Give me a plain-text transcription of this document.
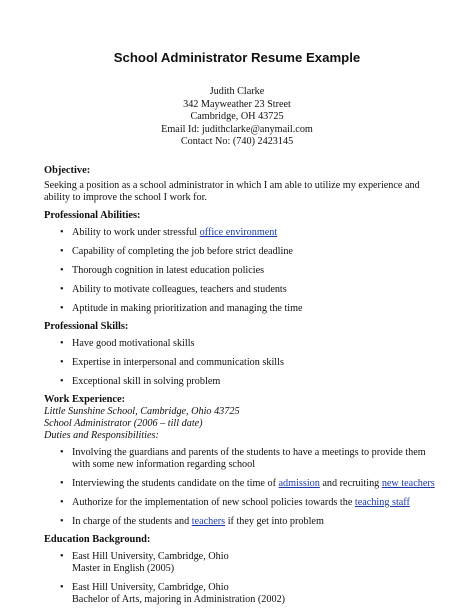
School Administrator Resume Example
Judith Clarke
342 Mayweather 23 Street
Cambridge, OH 43725
Email Id: judithclarke@anymail.com
Contact No: (740) 2423145
Objective:

Seeking a position as a school administrator in which I am able to utilize my experience and ability to improve the school I work for.

Professional Abilities:
• Ability to work under stressful office environment
• Capability of completing the job before strict deadline
• Thorough cognition in latest education policies
• Ability to motivate colleagues, teachers and students
• Aptitude in making prioritization and managing the time
Professional Skills:
• Have good motivational skills
• Expertise in interpersonal and communication skills
• Exceptional skill in solving problem
Work Experience:

Little Sunshine School, Cambridge, Ohio 43725

School Administrator (2006 – till date)

Duties and Responsibilities:

• Involving the guardians and parents of the students to have a meetings to provide them with some new information regarding school
• Interviewing the students candidate on the time of admission and recruiting new teachers
• Authorize for the implementation of new school policies towards the teaching staff
• In charge of the students and teachers if they get into problem
Education Background:
• East Hill University, Cambridge, Ohio
Master in English (2005)
• East Hill University, Cambridge, Ohio
Bachelor of Arts, majoring in Administration (2002)
